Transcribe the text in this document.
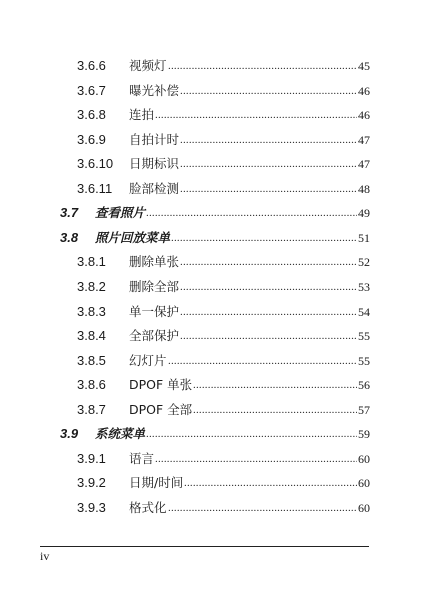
3.6.6 视频灯 .....	45
3.6.7 曝光补偿 .....	46
3.6.8 连拍 .....	46
3.6.9 自拍计时 .....	47
3.6.10 日期标识 .....	47
3.6.11 脸部检测 .....	48
3.7 查看照片 .....	49
3.8 照片回放菜单 .....	51
3.8.1 删除单张 .....	52
3.8.2 删除全部 .....	53
3.8.3 单一保护 .....	54
3.8.4 全部保护 .....	55
3.8.5 幻灯片 .....	55
3.8.6 DPOF 单张 .....	56
3.8.7 DPOF 全部 .....	57
3.9 系统菜单 .....	59
3.9.1 语言 .....	60
3.9.2 日期/时间 .....	60
3.9.3 格式化 .....	60
iv
